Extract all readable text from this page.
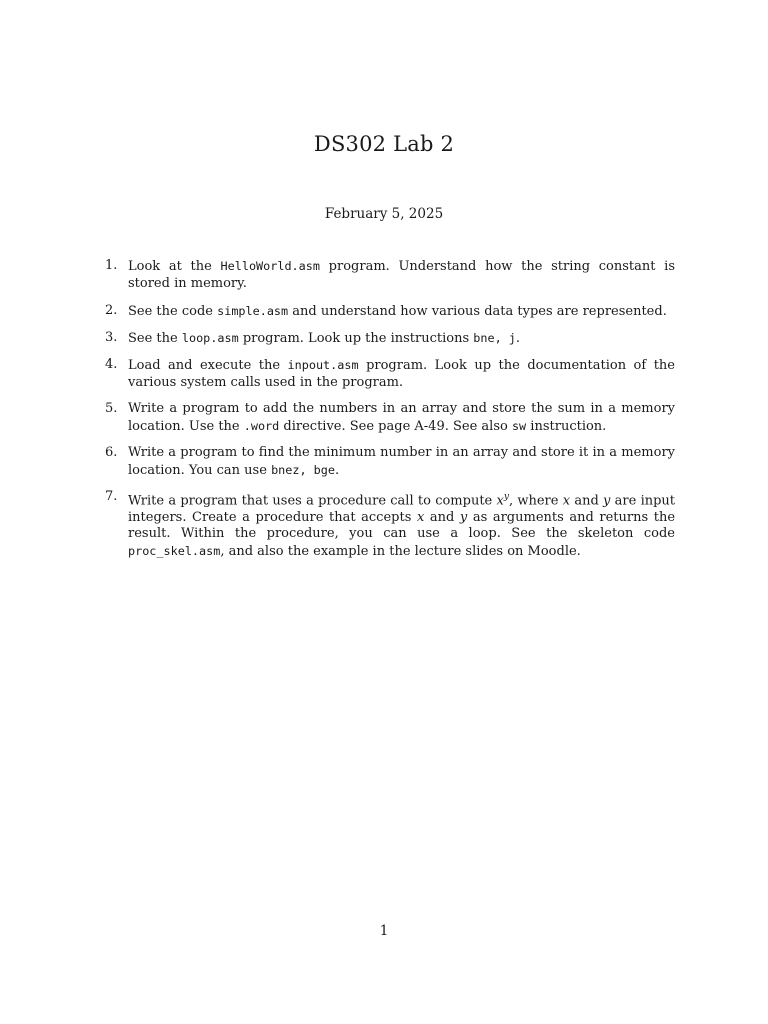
DS302 Lab 2
February 5, 2025
1. Look at the HelloWorld.asm program. Understand how the string constant is stored in memory.
2. See the code simple.asm and understand how various data types are represented.
3. See the loop.asm program. Look up the instructions bne, j.
4. Load and execute the inpout.asm program. Look up the documentation of the various system calls used in the program.
5. Write a program to add the numbers in an array and store the sum in a memory location. Use the .word directive. See page A-49. See also sw instruction.
6. Write a program to find the minimum number in an array and store it in a memory location. You can use bnez, bge.
7. Write a program that uses a procedure call to compute $x^y$, where x and y are input integers. Create a procedure that accepts x and y as arguments and returns the result. Within the procedure, you can use a loop. See the skeleton code proc_skel.asm, and also the example in the lecture slides on Moodle.
1
